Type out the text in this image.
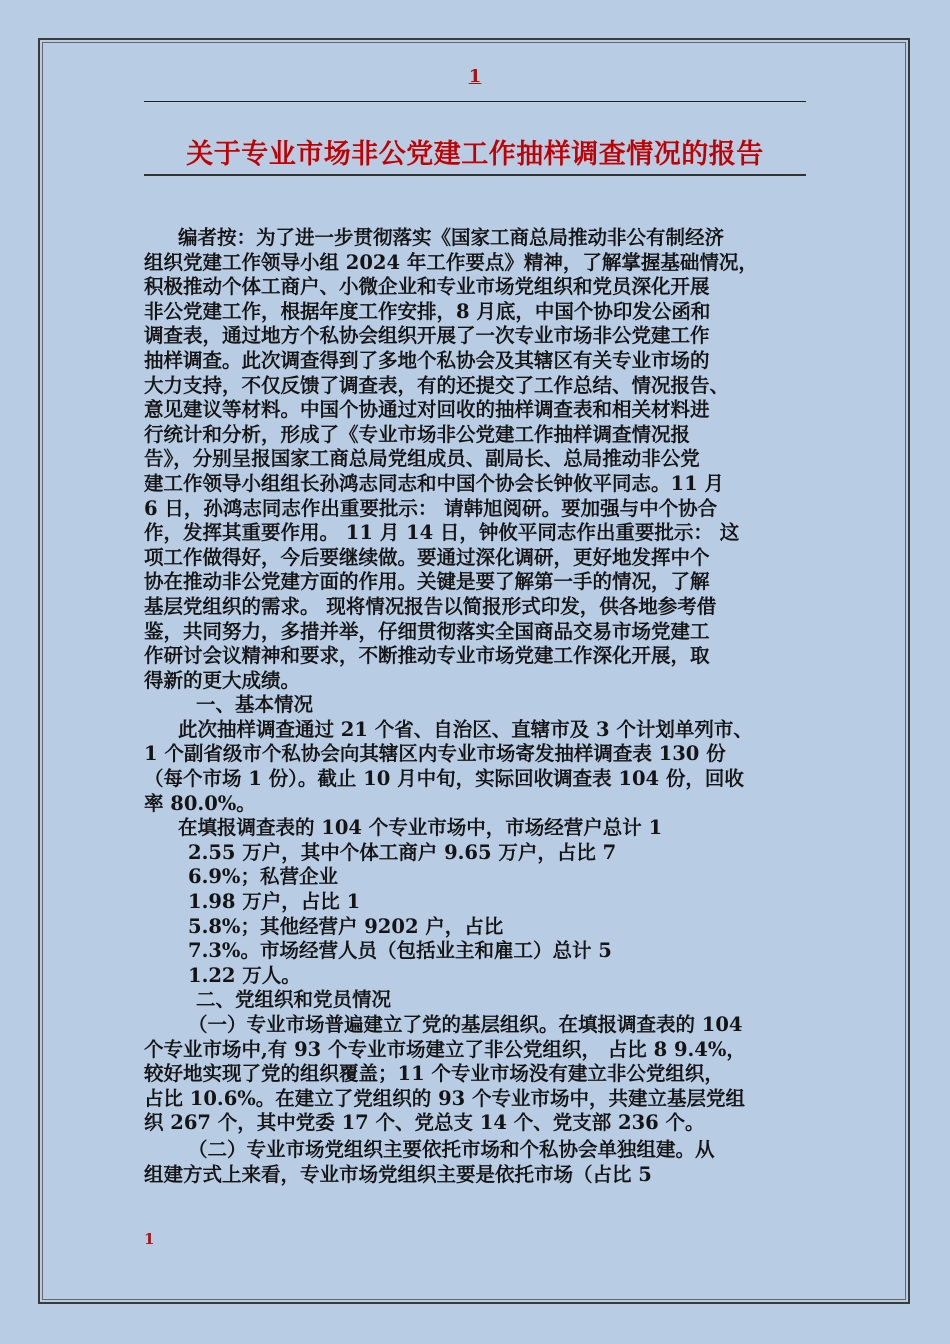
1
关于专业市场非公党建工作抽样调查情况的报告
编者按：为了进一步贯彻落实《国家工商总局推动非公有制经济
组织党建工作领导小组 2024 年工作要点》精神，了解掌握基础情况，
积极推动个体工商户、小微企业和专业市场党组织和党员深化开展
非公党建工作，根据年度工作安排，8 月底，中国个协印发公函和
调查表，通过地方个私协会组织开展了一次专业市场非公党建工作
抽样调查。此次调查得到了多地个私协会及其辖区有关专业市场的
大力支持，不仅反馈了调查表，有的还提交了工作总结、情况报告、
意见建议等材料。中国个协通过对回收的抽样调查表和相关材料进
行统计和分析，形成了《专业市场非公党建工作抽样调查情况报
告》，分别呈报国家工商总局党组成员、副局长、总局推动非公党
建工作领导小组组长孙鸿志同志和中国个协会长钟攸平同志。11 月
6 日，孙鸿志同志作出重要批示： 请韩旭阅研。要加强与中个协合
作，发挥其重要作用。 11 月 14 日，钟攸平同志作出重要批示： 这
项工作做得好，今后要继续做。要通过深化调研，更好地发挥中个
协在推动非公党建方面的作用。关键是要了解第一手的情况，了解
基层党组织的需求。 现将情况报告以简报形式印发，供各地参考借
鉴，共同努力，多措并举，仔细贯彻落实全国商品交易市场党建工
作研讨会议精神和要求，不断推动专业市场党建工作深化开展，取
得新的更大成绩。
一、基本情况
此次抽样调查通过 21 个省、自治区、直辖市及 3 个计划单列市、
1 个副省级市个私协会向其辖区内专业市场寄发抽样调查表 130 份
（每个市场 1 份）。截止 10 月中旬，实际回收调查表 104 份，回收
率 80.0%。
在填报调查表的 104 个专业市场中，市场经营户总计 1
2.55 万户，其中个体工商户 9.65 万户，占比 7
6.9%；私营企业
1.98 万户，占比 1
5.8%；其他经营户 9202 户，占比
7.3%。市场经营人员（包括业主和雇工）总计 5
1.22 万人。
二、党组织和党员情况
（一）专业市场普遍建立了党的基层组织。在填报调查表的 104
个专业市场中,有 93 个专业市场建立了非公党组织， 占比 8 9.4%，
较好地实现了党的组织覆盖；11 个专业市场没有建立非公党组织，
占比 10.6%。在建立了党组织的 93 个专业市场中，共建立基层党组
织 267 个，其中党委 17 个、党总支 14 个、党支部 236 个。
（二）专业市场党组织主要依托市场和个私协会单独组建。从
组建方式上来看，专业市场党组织主要是依托市场（占比 5
1
